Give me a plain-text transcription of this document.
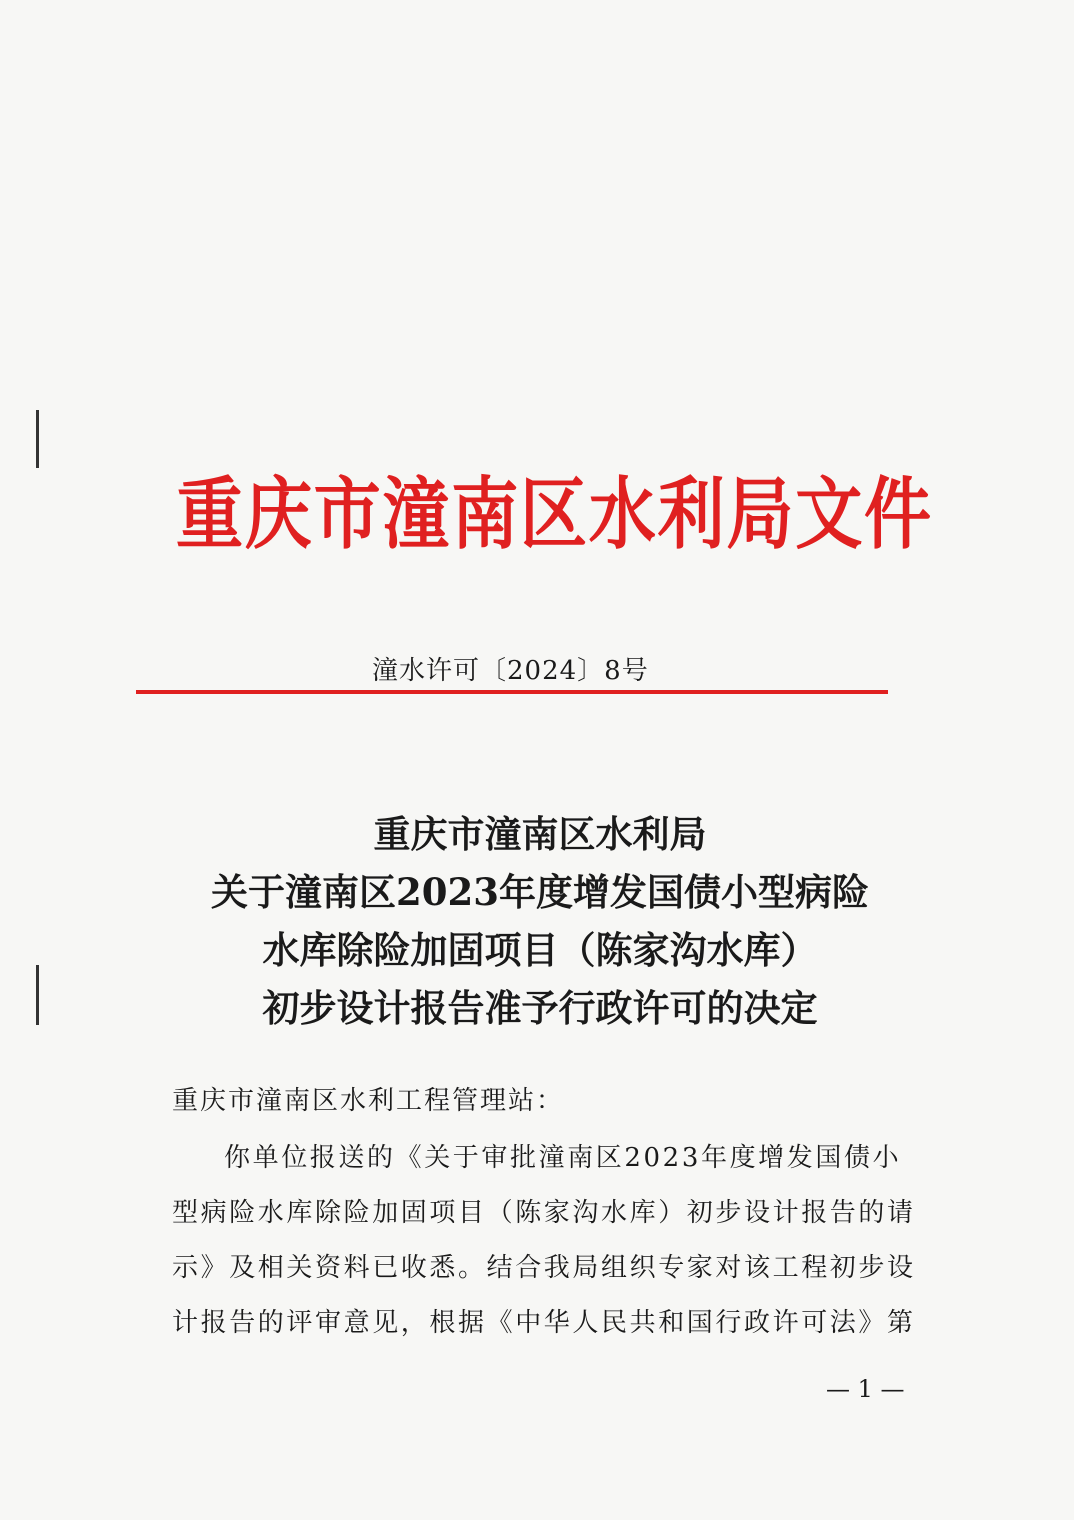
重庆市潼南区水利局文件
潼水许可〔2024〕8号
重庆市潼南区水利局
关于潼南区2023年度增发国债小型病险
水库除险加固项目（陈家沟水库）
初步设计报告准予行政许可的决定
重庆市潼南区水利工程管理站：
你单位报送的《关于审批潼南区2023年度增发国债小
型病险水库除险加固项目（陈家沟水库）初步设计报告的请
示》及相关资料已收悉。结合我局组织专家对该工程初步设
计报告的评审意见，根据《中华人民共和国行政许可法》第
— 1 —
